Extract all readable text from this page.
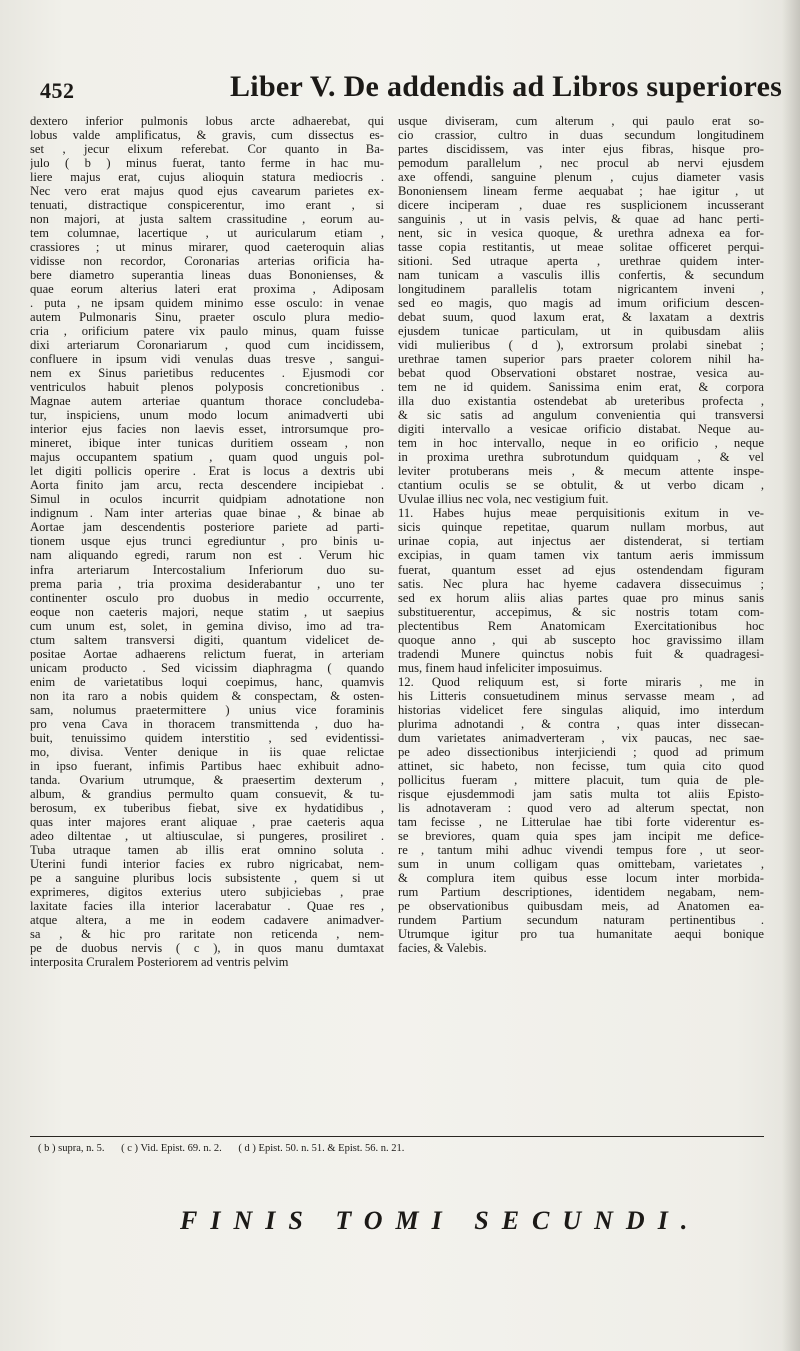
452	Liber V. De addendis ad Libros superiores
dextero inferior pulmonis lobus arcte adhaerebat, qui
lobus valde amplificatus, & gravis, cum dissectus es-
set , jecur elixum referebat. Cor quanto in Ba-
julo ( b ) minus fuerat, tanto ferme in hac mu-
liere majus erat, cujus alioquin statura mediocris .
Nec vero erat majus quod ejus cavearum parietes ex-
tenuati, distractique conspicerentur, imo erant , si
non majori, at justa saltem crassitudine , eorum au-
tem columnae, lacertique , ut auricularum etiam ,
crassiores ; ut minus mirarer, quod caeteroquin alias
vidisse non recordor, Coronarias arterias orificia ha-
bere diametro superantia lineas duas Bononienses, &
quae eorum alterius lateri erat proxima , Adiposam
. puta , ne ipsam quidem minimo esse osculo: in venae
autem Pulmonaris Sinu, praeter osculo plura medio-
cria , orificium patere vix paulo minus, quam fuisse
dixi arteriarum Coronariarum , quod cum incidissem,
confluere in ipsum vidi venulas duas tresve , sangui-
nem ex Sinus parietibus reducentes . Ejusmodi cor
ventriculos habuit plenos polyposis concretionibus .
Magnae autem arteriae quantum thorace concludeba-
tur, inspiciens, unum modo locum animadverti ubi
interior ejus facies non laevis esset, introrsumque pro-
mineret, ibique inter tunicas duritiem osseam , non
majus occupantem spatium , quam quod unguis pol-
let digiti pollicis operire . Erat is locus a dextris ubi
Aorta finito jam arcu, recta descendere incipiebat .
Simul in oculos incurrit quidpiam adnotatione non
indignum . Nam inter arterias quae binae , & binae ab
Aortae jam descendentis posteriore pariete ad parti-
tionem usque ejus trunci egrediuntur , pro binis u-
nam aliquando egredi, rarum non est . Verum hic
infra arteriarum Intercostalium Inferiorum duo su-
prema paria , tria proxima desiderabantur , uno ter
continenter osculo pro duobus in medio occurrente,
eoque non caeteris majori, neque statim , ut saepius
cum unum est, solet, in gemina diviso, imo ad tra-
ctum saltem transversi digiti, quantum videlicet de-
positae Aortae adhaerens relictum fuerat, in arteriam
unicam producto . Sed vicissim diaphragma ( quando
enim de varietatibus loqui coepimus, hanc, quamvis
non ita raro a nobis quidem & conspectam, & osten-
sam, nolumus praetermittere ) unius vice foraminis
pro vena Cava in thoracem transmittenda , duo ha-
buit, tenuissimo quidem interstitio , sed evidentissi-
mo, divisa. Venter denique in iis quae relictae
in ipso fuerant, infimis Partibus haec exhibuit adno-
tanda. Ovarium utrumque, & praesertim dexterum ,
album, & grandius permulto quam consuevit, & tu-
berosum, ex tuberibus fiebat, sive ex hydatidibus ,
quas inter majores erant aliquae , prae caeteris aqua
adeo diltentae , ut altiusculae, si pungeres, prosiliret .
Tuba utraque tamen ab illis erat omnino soluta .
Uterini fundi interior facies ex rubro nigricabat, nem-
pe a sanguine pluribus locis subsistente , quem si ut
exprimeres, digitos exterius utero subjiciebas , prae
laxitate facies illa interior lacerabatur . Quae res ,
atque altera, a me in eodem cadavere animadver-
sa , & hic pro raritate non reticenda , nem-
pe de duobus nervis ( c ), in quos manu dumtaxat
interposita Cruralem Posteriorem ad ventris pelvim
usque diviseram, cum alterum , qui paulo erat so-
cio crassior, cultro in duas secundum longitudinem
partes discidissem, vas inter ejus fibras, hisque pro-
pemodum parallelum , nec procul ab nervi ejusdem
axe offendi, sanguine plenum , cujus diameter vasis
Bononiensem lineam ferme aequabat ; hae igitur , ut
dicere inciperam , duae res susplicionem incusserant
sanguinis , ut in vasis pelvis, & quae ad hanc perti-
nent, sic in vesica quoque, & urethra adnexa ea for-
tasse copia restitantis, ut meae solitae officeret perqui-
sitioni. Sed utraque aperta , urethrae quidem inter-
nam tunicam a vasculis illis confertis, & secundum
longitudinem parallelis totam nigricantem inveni ,
sed eo magis, quo magis ad imum orificium descen-
debat suum, quod laxum erat, & laxatam a dextris
ejusdem tunicae particulam, ut in quibusdam aliis
vidi mulieribus ( d ), extrorsum prolabi sinebat ;
urethrae tamen superior pars praeter colorem nihil ha-
bebat quod Observationi obstaret nostrae, vesica au-
tem ne id quidem. Sanissima enim erat, & corpora
illa duo existantia ostendebat ab ureteribus profecta ,
& sic satis ad angulum convenientia qui transversi
digiti intervallo a vesicae orificio distabat. Neque au-
tem in hoc intervallo, neque in eo orificio , neque
in proxima urethra subrotundum quidquam , & vel
leviter protuberans meis , & mecum attente inspe-
ctantium oculis se se obtulit, & ut verbo dicam ,
Uvulae illius nec vola, nec vestigium fuit.
11. Habes hujus meae perquisitionis exitum in ve-
sicis quinque repetitae, quarum nullam morbus, aut
urinae copia, aut injectus aer distenderat, si tertiam
excipias, in quam tamen vix tantum aeris immissum
fuerat, quantum esset ad ejus ostendendam figuram
satis. Nec plura hac hyeme cadavera dissecuimus ;
sed ex horum aliis alias partes quae pro minus sanis
substituerentur, accepimus, & sic nostris totam com-
plectentibus Rem Anatomicam Exercitationibus hoc
quoque anno , qui ab suscepto hoc gravissimo illam
tradendi Munere quinctus nobis fuit & quadragesi-
mus, finem haud infeliciter imposuimus.
12. Quod reliquum est, si forte miraris , me in
his Litteris consuetudinem minus servasse meam , ad
historias videlicet fere singulas aliquid, imo interdum
plurima adnotandi , & contra , quas inter dissecan-
dum varietates animadverteram , vix paucas, nec sae-
pe adeo dissectionibus interjiciendi ; quod ad primum
attinet, sic habeto, non fecisse, tum quia cito quod
pollicitus fueram , mittere placuit, tum quia de ple-
risque ejusdemmodi jam satis multa tot aliis Episto-
lis adnotaveram : quod vero ad alterum spectat, non
tam fecisse , ne Litterulae hae tibi forte viderentur es-
se breviores, quam quia spes jam incipit me defice-
re , tantum mihi adhuc vivendi tempus fore , ut seor-
sum in unum colligam quas omittebam, varietates ,
& complura item quibus esse locum inter morbida-
rum Partium descriptiones, identidem negabam, nem-
pe observationibus quibusdam meis, ad Anatomen ea-
rundem Partium secundum naturam pertinentibus .
Utrumque igitur pro tua humanitate aequi bonique
facies, & Valebis.
( b ) supra, n. 5. ( c ) Vid. Epist. 69. n. 2. ( d ) Epist. 50. n. 51. & Epist. 56. n. 21.
FINIS TOMI SECUNDI.
